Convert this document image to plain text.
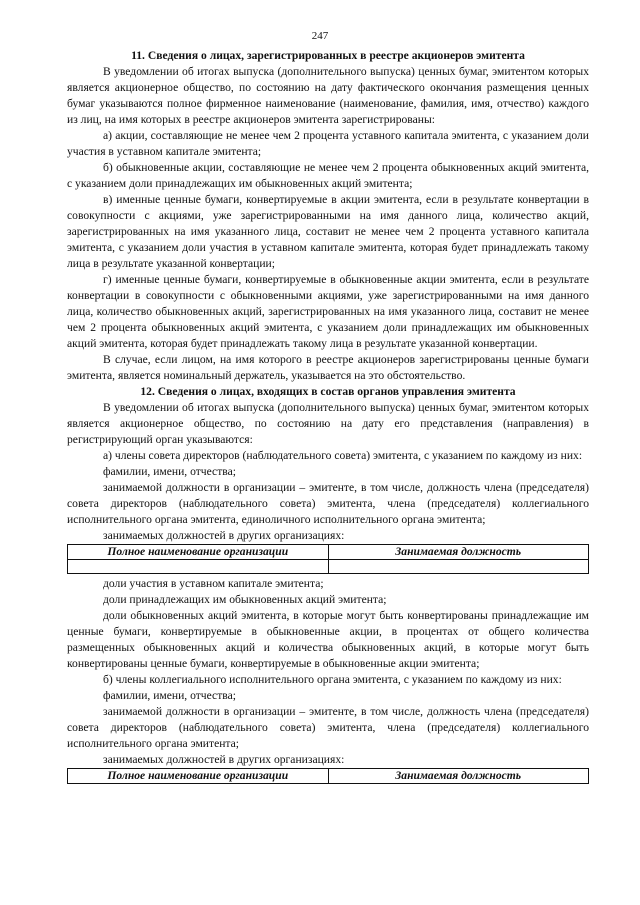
247
11. Сведения о лицах, зарегистрированных в реестре акционеров эмитента

В уведомлении об итогах выпуска (дополнительного выпуска) ценных бумаг, эмитентом которых является акционерное общество, по состоянию на дату фактического окончания размещения ценных бумаг указываются полное фирменное наименование (наименование, фамилия, имя, отчество) каждого из лиц, на имя которых в реестре акционеров эмитента зарегистрированы:

а) акции, составляющие не менее чем 2 процента уставного капитала эмитента, с указанием доли участия в уставном капитале эмитента;

б) обыкновенные акции, составляющие не менее чем 2 процента обыкновенных акций эмитента, с указанием доли принадлежащих им обыкновенных акций эмитента;

в) именные ценные бумаги, конвертируемые в акции эмитента, если в результате конвертации в совокупности с акциями, уже зарегистрированными на имя данного лица, количество акций, зарегистрированных на имя указанного лица, составит не менее чем 2 процента уставного капитала эмитента, с указанием доли участия в уставном капитале эмитента, которая будет принадлежать такому лица в результате указанной конвертации;

г) именные ценные бумаги, конвертируемые в обыкновенные акции эмитента, если в результате конвертации в совокупности с обыкновенными акциями, уже зарегистрированными на имя данного лица, количество обыкновенных акций, зарегистрированных на имя указанного лица, составит не менее чем 2 процента обыкновенных акций эмитента, с указанием доли принадлежащих им обыкновенных акций эмитента, которая будет принадлежать такому лица в результате указанной конвертации.

В случае, если лицом, на имя которого в реестре акционеров зарегистрированы ценные бумаги эмитента, является номинальный держатель, указывается на это обстоятельство.

12. Сведения о лицах, входящих в состав органов управления эмитента

В уведомлении об итогах выпуска (дополнительного выпуска) ценных бумаг, эмитентом которых является акционерное общество, по состоянию на дату его представления (направления) в регистрирующий орган указываются:

а) члены совета директоров (наблюдательного совета) эмитента, с указанием по каждому из них:

фамилии, имени, отчества;

занимаемой должности в организации – эмитенте, в том числе, должность члена (председателя) совета директоров (наблюдательного совета) эмитента, члена (председателя) коллегиального исполнительного органа эмитента, единоличного исполнительного органа эмитента;

занимаемых должностей в других организациях:

Полное наименование организации	Занимаемая должность

доли участия в уставном капитале эмитента;

доли принадлежащих им обыкновенных акций эмитента;

доли обыкновенных акций эмитента, в которые могут быть конвертированы принадлежащие им ценные бумаги, конвертируемые в обыкновенные акции, в процентах от общего количества размещенных обыкновенных акций и количества обыкновенных акций, в которые могут быть конвертированы ценные бумаги, конвертируемые в обыкновенные акции эмитента;

б) члены коллегиального исполнительного органа эмитента, с указанием по каждому из них:

фамилии, имени, отчества;

занимаемой должности в организации – эмитенте, в том числе, должность члена (председателя) совета директоров (наблюдательного совета) эмитента, члена (председателя) коллегиального исполнительного органа эмитента;

занимаемых должностей в других организациях:

Полное наименование организации	Занимаемая должность
